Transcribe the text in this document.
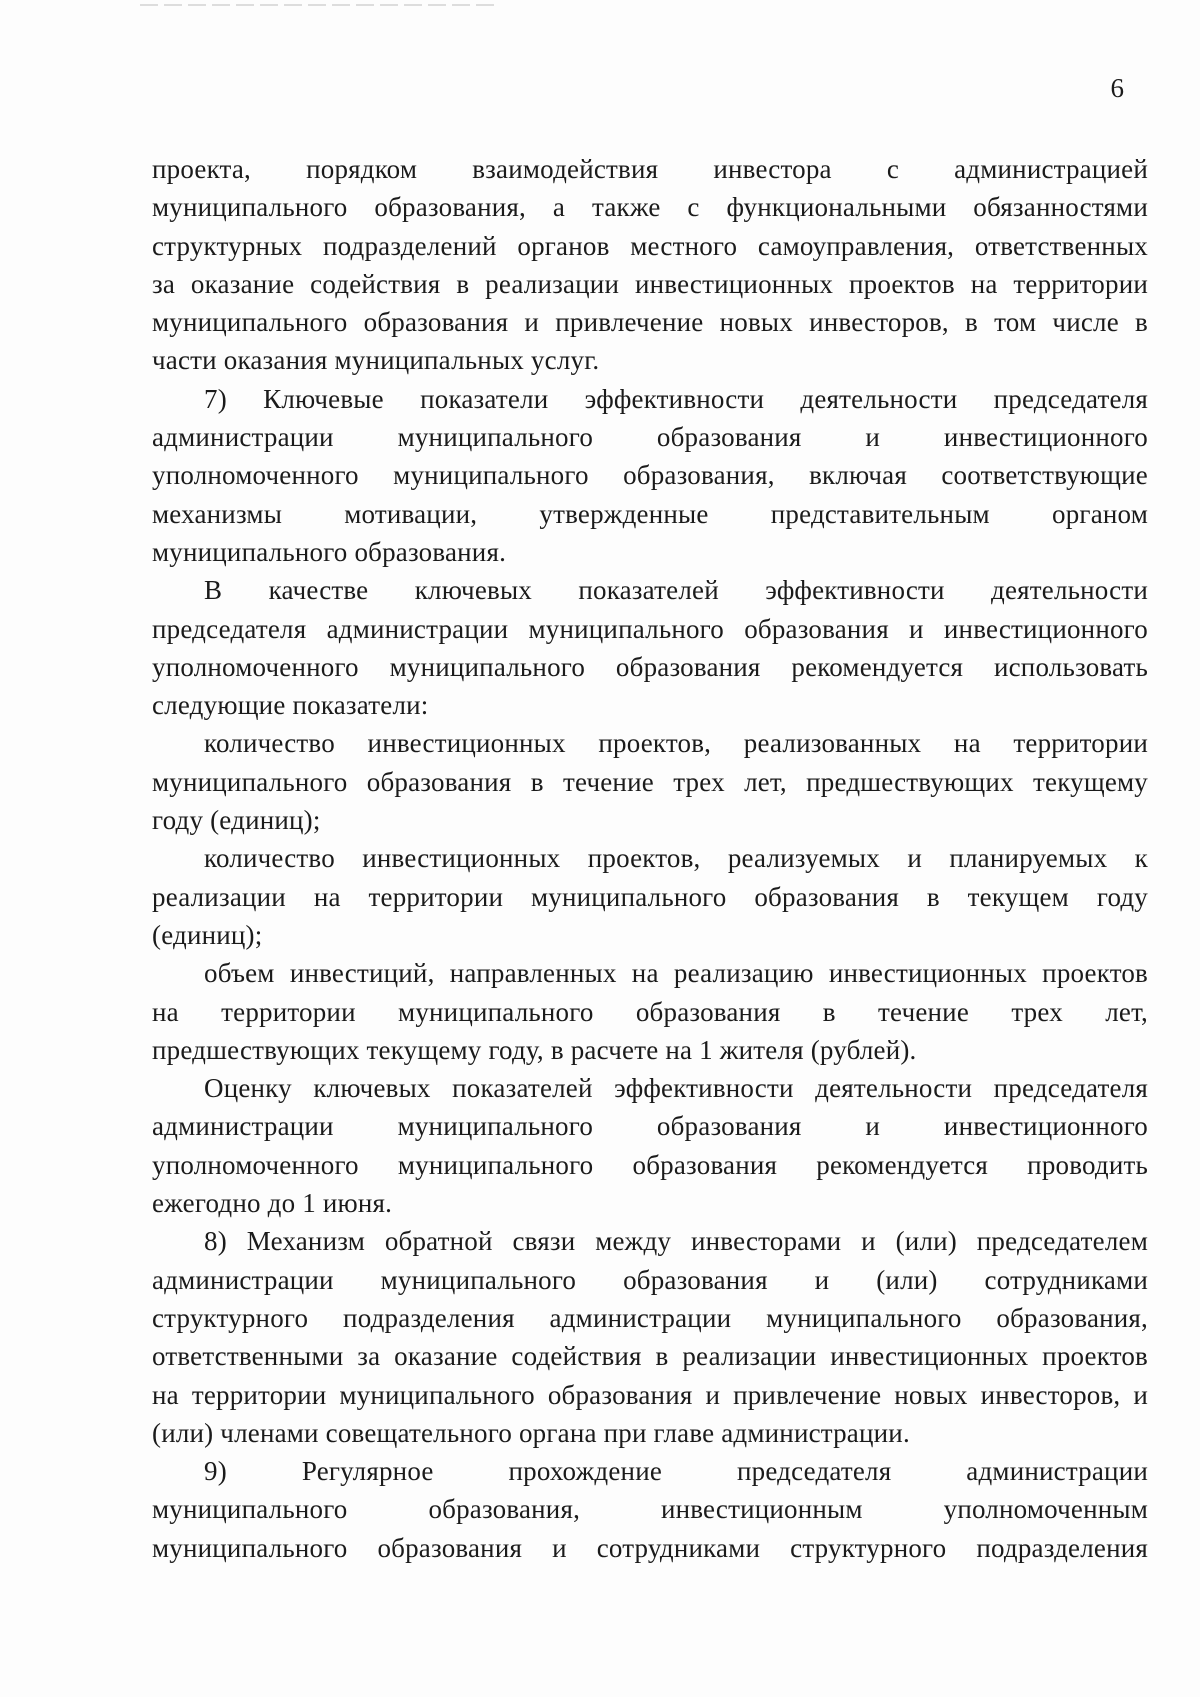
6

проекта, порядком взаимодействия инвестора с администрацией
муниципального образования, а также с функциональными обязанностями
структурных подразделений органов местного самоуправления, ответственных
за оказание содействия в реализации инвестиционных проектов на территории
муниципального образования и привлечение новых инвесторов, в том числе в
части оказания муниципальных услуг.

7) Ключевые показатели эффективности деятельности председателя
администрации муниципального образования и инвестиционного
уполномоченного муниципального образования, включая соответствующие
механизмы мотивации, утвержденные представительным органом
муниципального образования.

В качестве ключевых показателей эффективности деятельности
председателя администрации муниципального образования и инвестиционного
уполномоченного муниципального образования рекомендуется использовать
следующие показатели:

количество инвестиционных проектов, реализованных на территории
муниципального образования в течение трех лет, предшествующих текущему
году (единиц);

количество инвестиционных проектов, реализуемых и планируемых к
реализации на территории муниципального образования в текущем году
(единиц);

объем инвестиций, направленных на реализацию инвестиционных проектов
на территории муниципального образования в течение трех лет,
предшествующих текущему году, в расчете на 1 жителя (рублей).

Оценку ключевых показателей эффективности деятельности председателя
администрации муниципального образования и инвестиционного
уполномоченного муниципального образования рекомендуется проводить
ежегодно до 1 июня.

8) Механизм обратной связи между инвесторами и (или) председателем
администрации муниципального образования и (или) сотрудниками
структурного подразделения администрации муниципального образования,
ответственными за оказание содействия в реализации инвестиционных проектов
на территории муниципального образования и привлечение новых инвесторов, и
(или) членами совещательного органа при главе администрации.

9) Регулярное прохождение председателя администрации
муниципального образования, инвестиционным уполномоченным
муниципального образования и сотрудниками структурного подразделения
